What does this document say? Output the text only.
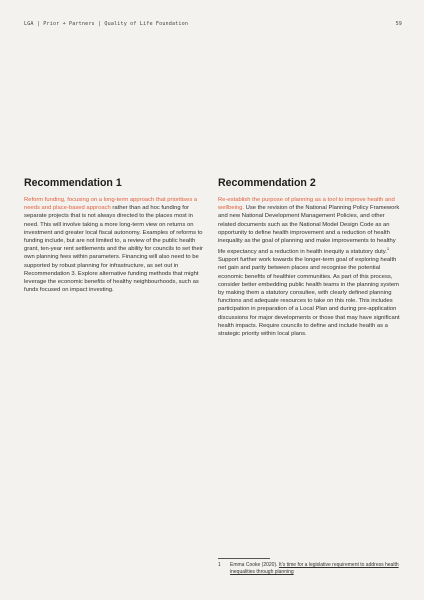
LGA | Prior + Partners | Quality of Life Foundation	59
Recommendation 1

Reform funding, focusing on a long-term approach that prioritises a needs and place-based approach rather than ad hoc funding for separate projects that is not always directed to the places most in need. This will involve taking a more long-term view on returns on investment and greater local fiscal autonomy. Examples of reforms to funding include, but are not limited to, a review of the public health grant, ten-year rent settlements and the ability for councils to set their own planning fees within parameters. Financing will also need to be supported by robust planning for infrastructure, as set out in Recommendation 3. Explore alternative funding methods that might leverage the economic benefits of healthy neighbourhoods, such as funds focused on impact investing.

Recommendation 2

Re-establish the purpose of planning as a tool to improve health and wellbeing. Use the revision of the National Planning Policy Framework and new National Development Management Policies, and other related documents such as the National Model Design Code as an opportunity to define health improvement and a reduction of health inequality as the goal of planning and make improvements to healthy life expectancy and a reduction in health inequity a statutory duty.$^1$ Support further work towards the longer-term goal of exploring health net gain and parity between places and recognise the potential economic benefits of healthier communities. As part of this process, consider better embedding public health teams in the planning system by making them a statutory consultee, with clearly defined planning functions and adequate resources to take on this role. This includes participation in preparation of a Local Plan and during pre-application discussions for major developments or those that may have significant health impacts. Require councils to define and include health as a strategic priority within local plans.

1	Emma Cooke (2020). It’s time for a legislative requirement to address health inequalities through planning
